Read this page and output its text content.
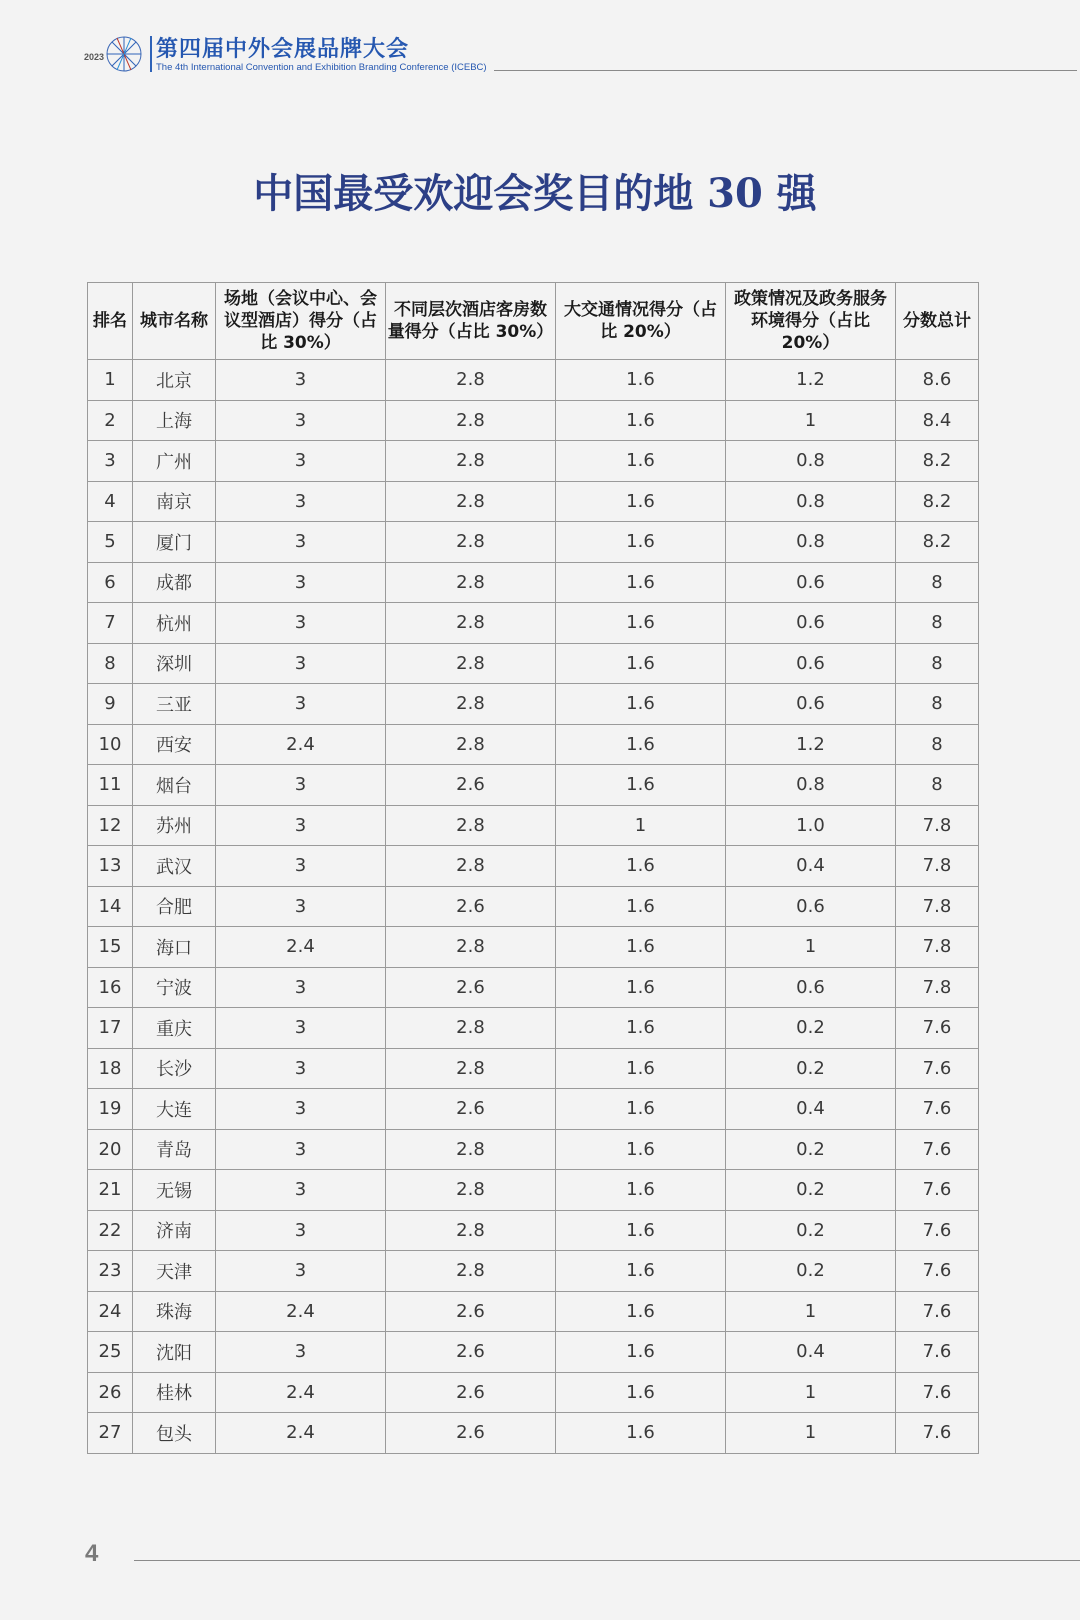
2023 第四届中外会展品牌大会
The 4th International Convention and Exhibition Branding Conference (ICEBC)
中国最受欢迎会奖目的地 30 强
排名	城市名称	场地（会议中心、会议型酒店）得分（占比 30%）	不同层次酒店客房数量得分（占比 30%）	大交通情况得分（占比 20%）	政策情况及政务服务环境得分（占比 20%）	分数总计
1	北京	3	2.8	1.6	1.2	8.6
2	上海	3	2.8	1.6	1	8.4
3	广州	3	2.8	1.6	0.8	8.2
4	南京	3	2.8	1.6	0.8	8.2
5	厦门	3	2.8	1.6	0.8	8.2
6	成都	3	2.8	1.6	0.6	8
7	杭州	3	2.8	1.6	0.6	8
8	深圳	3	2.8	1.6	0.6	8
9	三亚	3	2.8	1.6	0.6	8
10	西安	2.4	2.8	1.6	1.2	8
11	烟台	3	2.6	1.6	0.8	8
12	苏州	3	2.8	1	1.0	7.8
13	武汉	3	2.8	1.6	0.4	7.8
14	合肥	3	2.6	1.6	0.6	7.8
15	海口	2.4	2.8	1.6	1	7.8
16	宁波	3	2.6	1.6	0.6	7.8
17	重庆	3	2.8	1.6	0.2	7.6
18	长沙	3	2.8	1.6	0.2	7.6
19	大连	3	2.6	1.6	0.4	7.6
20	青岛	3	2.8	1.6	0.2	7.6
21	无锡	3	2.8	1.6	0.2	7.6
22	济南	3	2.8	1.6	0.2	7.6
23	天津	3	2.8	1.6	0.2	7.6
24	珠海	2.4	2.6	1.6	1	7.6
25	沈阳	3	2.6	1.6	0.4	7.6
26	桂林	2.4	2.6	1.6	1	7.6
27	包头	2.4	2.6	1.6	1	7.6
4
